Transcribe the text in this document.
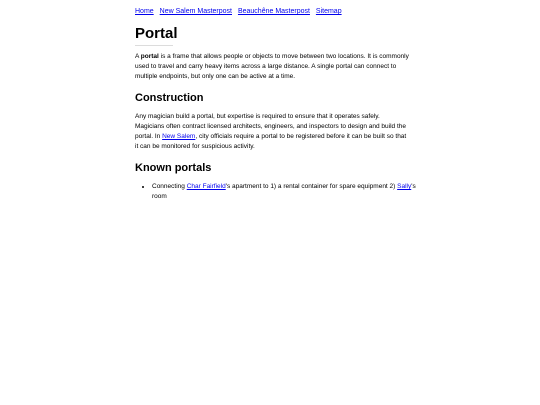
Home New Salem Masterpost Beauchêne Masterpost Sitemap
Portal

A portal is a frame that allows people or objects to move between two locations. It is commonly used to travel and carry heavy items across a large distance. A single portal can connect to multiple endpoints, but only one can be active at a time.

Construction

Any magician build a portal, but expertise is required to ensure that it operates safely. Magicians often contract licensed architects, engineers, and inspectors to design and build the portal. In New Salem, city officials require a portal to be registered before it can be built so that it can be monitored for suspicious activity.

Known portals
• Connecting Char Fairfield's apartment to 1) a rental container for spare equipment 2) Sally's room
